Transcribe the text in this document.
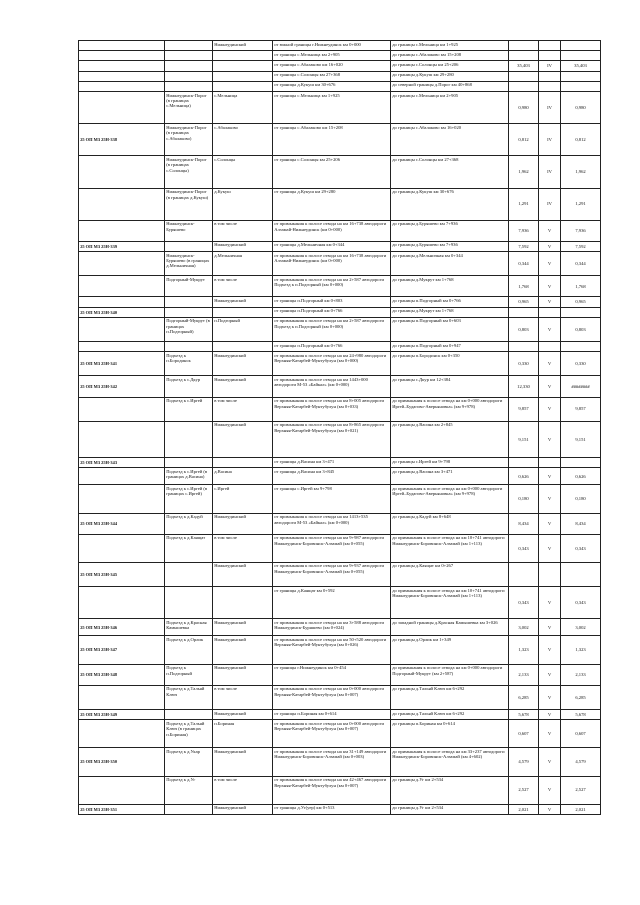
		Нижнеудинский	от южной границы г.Нижнеудинск км 0+000	до границы с.Мельница км 1+925			
			от границы с.Мельница км 2+905	до границы с.Абалаково км 15+208			
			от границы с.Абалаково км 16+020	до границы с.Солонцы км 25+206	35,403	IV	35,403
			от границы с.Солонцы км 27+368	до границы д.Кукуш км 29+280			
			от границы д.Кукуш км 30+676	до северной границы д.Порог км 40+868			
	Нижнеудинск-Порог (в границах с.Мельница)	с.Мельница	от границы с.Мельница км 1+925	до границы с.Мельница км 2+905	0,980	IV	0,980
25 ОП МЗ 25Н-338	Нижнеудинск-Порог (в границах с.Абалаково)	с.Абалаково	от границы с.Абалаково км 15+208	до границы с.Абалаково км 16+020	0,812	IV	0,812
	Нижнеудинск-Порог (в границах с.Солонцы)	с.Солонцы	от границы с.Солонцы км 25+206	до границы с.Солонцы км 27+368	1,962	IV	1,962
	Нижнеудинск-Порог (в границах д.Кукуш)	д.Кукуш	от границы д.Кукуш км 29+280	до границы д.Кукуш км 30+676	1,291	IV	1,291
	Нижнеудинск-Буряшево	в том числе	от примыкания к полосе отвода на км 16+738 автодороги Алзамай-Нижнеудинск (км 0+000)	до границы д.Буряшево км 7+936	7,936	V	7,936
25 ОП МЗ 25Н-339		Нижнеудинский	от границы д.Мельничная км 0+344	до границы д.Буряшево км 7+936	7,592	V	7,592
	Нижнеудинск-Буряшево (в границах д.Мельничная)	д.Мельничная	от примыкания к полосе отвода на км 16+738 автодороги Алзамай-Нижнеудинск (км 0+000)	до границы д.Мельничная км 0+344	0,344	V	0,344
	Подгорный-Мукрут	в том числе	от примыкания к полосе отвода на км 2+587 автодороги Подъезд к п.Подгорный (км 0+000)	до границы д.Мукрут км 1+768	1,768	V	1,768
		Нижнеудинский	от границы п.Подгорный км 0+803	до границы п.Подгорный км 0+766	0,965	V	0,965
25 ОП МЗ 25Н-340			от границы п.Подгорный км 0+766	до границы д.Мукрут км 1+768			
	Подгорный-Мукрут (в границах п.Подгорный)	п.Подгорный	от примыкания к полосе отвода на км 2+587 автодороги Подъезд к п.Подгорный (км 0+000)	до границы п.Подгорный км 0+603	0,803	V	0,803
			от границы п.Подгорный км 0+766	до границы п.Подгорный км 0+947			
25 ОП МЗ 25Н-341	Подъезд к п.Бородинск	Нижнеудинский	от примыкания к полосе отвода на км 24+980 автодороги Верхняя-Катарбей-Мунтубулун (км 0+000)	до границы п.Бородинск км 0+350	0,330	V	0,330
25 ОП МЗ 25Н-342	Подъезд к с.Дкур	Нижнеудинский	от примыкания к полосе отвода на км 1443+000 автодороги М-53 «Байкал» (км 0+000)	до границы с.Дкур км 12+384	12,330	V	########
	Подъезд к с.Иргей	в том числе	от примыкания к полосе отвода на км 8+005 автодороги Верхняя-Катарбей-Мунтубулун (км 0+033)	до примыкания к полосе отвода на км 0+000 автодороги Иргей–Будагово-Аверьяновка» (км 9+978)	9,857	V	9,857
		Нижнеудинский	от примыкания к полосе отвода на км 8+865 автодороги Верхняя-Катарбей-Мунтубулун (км 0+021)	до границы д.Васина км 2+845	9,151	V	9,151
25 ОП МЗ 25Н-343			от границы д.Васина км 3+471	до границы с.Иргей км 9+798			
	Подъезд к с.Иргей (в границах д.Васина)	д.Васина	от границы д.Васина км 3+845	до границы д.Васина км 3+471	0,626	V	0,626
	Подъезд к с.Иргей (в границах с.Иргей)	с.Иргей	от границы с.Иргей км 9+798	до примыкания к полосе отвода на км 0+000 автодороги Иргей–Будагово-Аверьяновка» (км 9+978)	0,180	V	0,180
25 ОП МЗ 25Н-344	Подъезд к д.Кадуй	Нижнеудинский	от примыкания к полосе отвода на км 1413+535 автодороги М-53 «Байкал» (км 0+000)	до границы д.Кадуй км 8+648	8,434	V	8,434
	Подъезд к д.Каящат	в том числе	от примыкания к полосе отвода на км 9+987 автодороги Нижнеудинск-Боровинск-Алзамай (км 0+055)	до примыкания к полосе отвода на км 10+741 автодороги Нижнеудинск-Боровинск-Алзамай (км 1+113)	0,343	V	0,343
25 ОП МЗ 25Н-345		Нижнеудинский	от примыкания к полосе отвода на км 9+937 автодороги Нижнеудинск-Боровинск-Алзамай (км 0+055)	до границы д.Каящат км 0+267			
			от границы д.Каящат км 0+592	до примыкания к полосе отвода на км 10+741 автодороги Нижнеудинск-Боровинск-Алзамай (км 1+113)	0,343	V	0,343
25 ОП МЗ 25Н-346	Подъезд к д.Красная Камышевка	Нижнеудинский	от примыкания к полосе отвода на км 3+588 автодороги Нижнеудинск-Буряшево (км 0+024)	до западной границы д.Красная Камышевка км 3+026	3,002	V	3,002
25 ОП МЗ 25Н-347	Подъезд к д.Орлик	Нижнеудинский	от примыкания к полосе отвода на км 50+520 автодороги Верхняя-Катарбей-Мунтубулун (км 0+026)	до границы д.Орлик км 1+349	1,323	V	1,323
25 ОП МЗ 25Н-348	Подъезд к п.Подгорный	Нижнеудинский	от границы г.Нижнеудинск км 0+454	до примыкания к полосе отвода на км 0+000 автодороги Подгорный-Мукрут (км 2+587)	2,133	V	2,133
	Подъезд к д.Тальяй Ключ	в том числе	от примыкания к полосе отвода на км 0+000 автодороги Верхняя-Катарбей-Мунтубулун (км 0+007)	до границы д.Тальяй Ключ км 6+292	6,285	V	6,285
25 ОП МЗ 25Н-349		Нижнеудинский	от границы п.Бориная км 0+614	до границы д.Тальяй Ключ км 6+292	5,678	V	5,678
	Подъезд к д.Тальяй Ключ (в границах п.Бориная)	п.Бориная	от примыкания к полосе отвода на км 0+000 автодороги Верхняя-Катарбей-Мунтубулун (км 0+007)	до границы п.Бориная км 0+614	0,607	V	0,607
25 ОП МЗ 25Н-350	Подъезд к д.Укар	Нижнеудинский	от примыкания к полосе отвода на км 31+149 автодороги Нижнеудинск-Боровинск-Алзамай (км 0+003)	до примыкания к полосе отвода на км 33+237 автодороги Нижнеудинск-Боровинск-Алзамай (км 4+602)	4,579	V	4,579
	Подъезд к д.Уг	в том числе	от примыкания к полосе отвода на км 42+467 автодороги Верхняя-Катарбей-Мунтубулун (км 0+007)	до границы д.Уг км 2+534	2,527	V	2,527
25 ОП МЗ 25Н-351		Нижнеудинский	от границы д.Уг(уер) км 0+513	до границы д.Уг км 2+534	2,021	V	2,021
